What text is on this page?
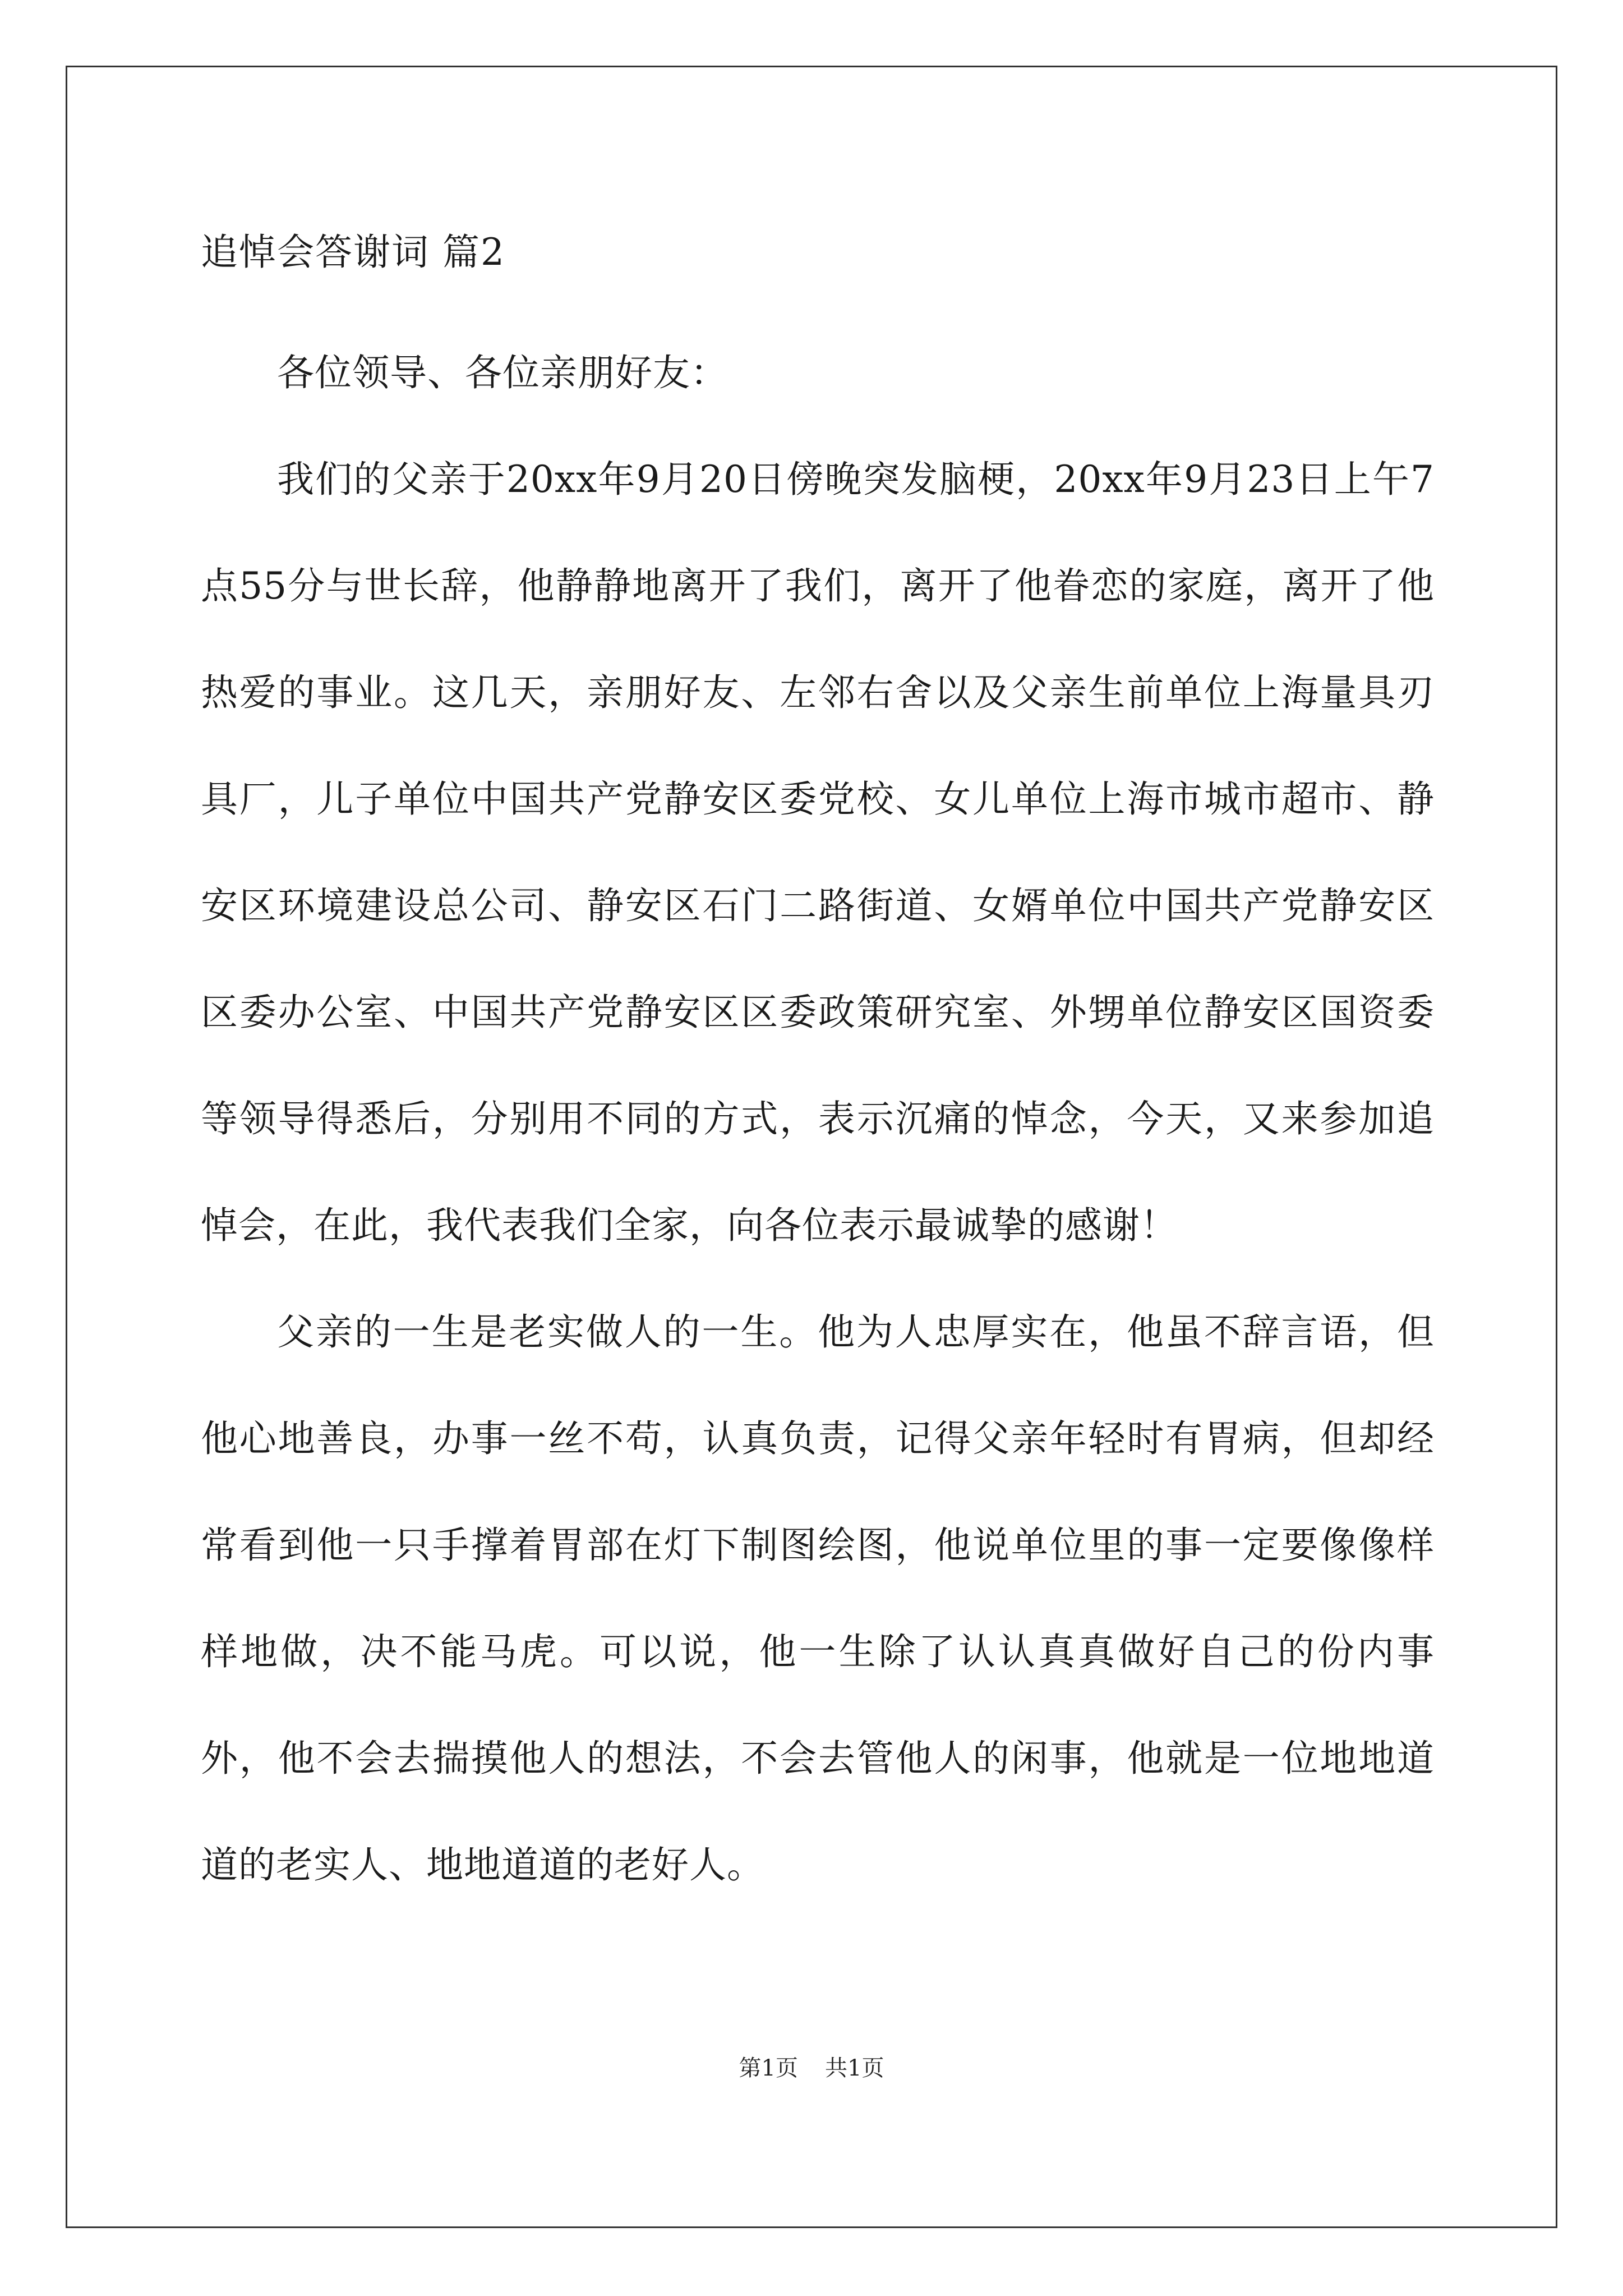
追悼会答谢词 篇2

各位领导、各位亲朋好友：

我们的父亲于20xx年9月20日傍晚突发脑梗，20xx年9月23日上午7点55分与世长辞，他静静地离开了我们，离开了他眷恋的家庭，离开了他热爱的事业。这几天，亲朋好友、左邻右舍以及父亲生前单位上海量具刃具厂，儿子单位中国共产党静安区委党校、女儿单位上海市城市超市、静安区环境建设总公司、静安区石门二路街道、女婿单位中国共产党静安区区委办公室、中国共产党静安区区委政策研究室、外甥单位静安区国资委等领导得悉后，分别用不同的方式，表示沉痛的悼念，今天，又来参加追悼会，在此，我代表我们全家，向各位表示最诚挚的感谢！

父亲的一生是老实做人的一生。他为人忠厚实在，他虽不辞言语，但他心地善良，办事一丝不苟，认真负责，记得父亲年轻时有胃病，但却经常看到他一只手撑着胃部在灯下制图绘图，他说单位里的事一定要像像样样地做，决不能马虎。可以说，他一生除了认认真真做好自己的份内事外，他不会去揣摸他人的想法，不会去管他人的闲事，他就是一位地地道道的老实人、地地道道的老好人。

第1页 共1页
